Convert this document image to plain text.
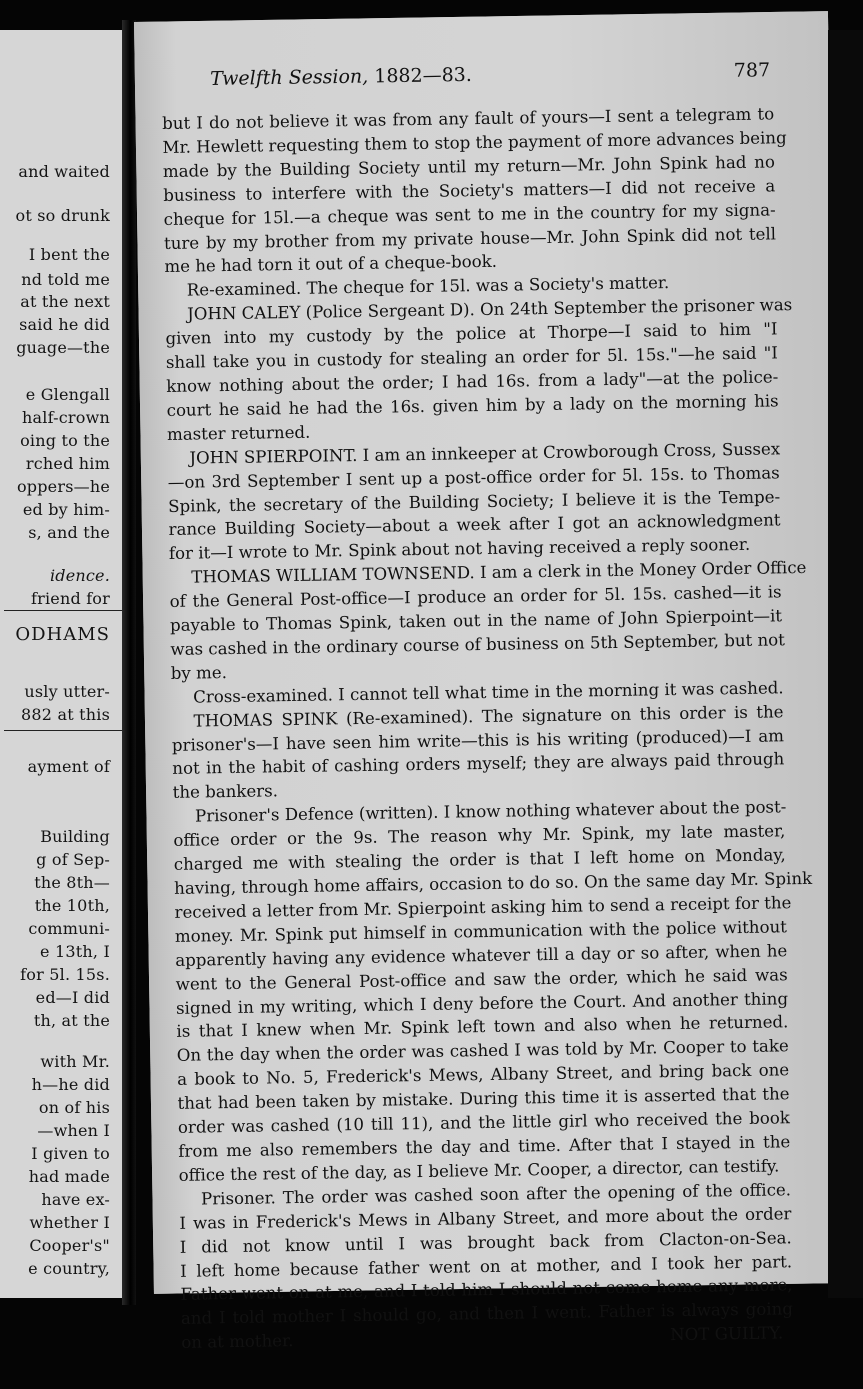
and waited
ot so drunk
I bent the
nd told me
at the next
said he did
guage—the
e Glengall
half-crown
oing to the
rched him
oppers—he
ed by him-
s, and the
idence.
friend for
ODHAMS
usly utter-
882 at this
ayment of
Building
g of Sep-
the 8th—
the 10th,
communi-
e 13th, I
for 5l. 15s.
ed—I did
th, at the
with Mr.
h—he did
on of his
—when I
I given to
had made
have ex-
whether I
Cooper's"
e country,
Twelfth Session, 1882—83.	787
but I do not believe it was from any fault of yours—I sent a telegram to
Mr. Hewlett requesting them to stop the payment of more advances being
made by the Building Society until my return—Mr. John Spink had no
business to interfere with the Society's matters—I did not receive a
cheque for 15l.—a cheque was sent to me in the country for my signa-
ture by my brother from my private house—Mr. John Spink did not tell
me he had torn it out of a cheque-book.
Re-examined. The cheque for 15l. was a Society's matter.
JOHN CALEY (Police Sergeant D). On 24th September the prisoner was
given into my custody by the police at Thorpe—I said to him "I
shall take you in custody for stealing an order for 5l. 15s."—he said "I
know nothing about the order; I had 16s. from a lady"—at the police-
court he said he had the 16s. given him by a lady on the morning his
master returned.
JOHN SPIERPOINT. I am an innkeeper at Crowborough Cross, Sussex
—on 3rd September I sent up a post-office order for 5l. 15s. to Thomas
Spink, the secretary of the Building Society; I believe it is the Tempe-
rance Building Society—about a week after I got an acknowledgment
for it—I wrote to Mr. Spink about not having received a reply sooner.
THOMAS WILLIAM TOWNSEND. I am a clerk in the Money Order Office
of the General Post-office—I produce an order for 5l. 15s. cashed—it is
payable to Thomas Spink, taken out in the name of John Spierpoint—it
was cashed in the ordinary course of business on 5th September, but not
by me.
Cross-examined. I cannot tell what time in the morning it was cashed.
THOMAS SPINK (Re-examined). The signature on this order is the
prisoner's—I have seen him write—this is his writing (produced)—I am
not in the habit of cashing orders myself; they are always paid through
the bankers.
Prisoner's Defence (written). I know nothing whatever about the post-
office order or the 9s. The reason why Mr. Spink, my late master,
charged me with stealing the order is that I left home on Monday,
having, through home affairs, occasion to do so. On the same day Mr. Spink
received a letter from Mr. Spierpoint asking him to send a receipt for the
money. Mr. Spink put himself in communication with the police without
apparently having any evidence whatever till a day or so after, when he
went to the General Post-office and saw the order, which he said was
signed in my writing, which I deny before the Court. And another thing
is that I knew when Mr. Spink left town and also when he returned.
On the day when the order was cashed I was told by Mr. Cooper to take
a book to No. 5, Frederick's Mews, Albany Street, and bring back one
that had been taken by mistake. During this time it is asserted that the
order was cashed (10 till 11), and the little girl who received the book
from me also remembers the day and time. After that I stayed in the
office the rest of the day, as I believe Mr. Cooper, a director, can testify.
Prisoner. The order was cashed soon after the opening of the office.
I was in Frederick's Mews in Albany Street, and more about the order
I did not know until I was brought back from Clacton-on-Sea.
I left home because father went on at mother, and I took her part.
Father went on at me, and I told him I should not come home any more,
and I told mother I should go, and then I went. Father is always going
NOT GUILTY.
on at mother.
